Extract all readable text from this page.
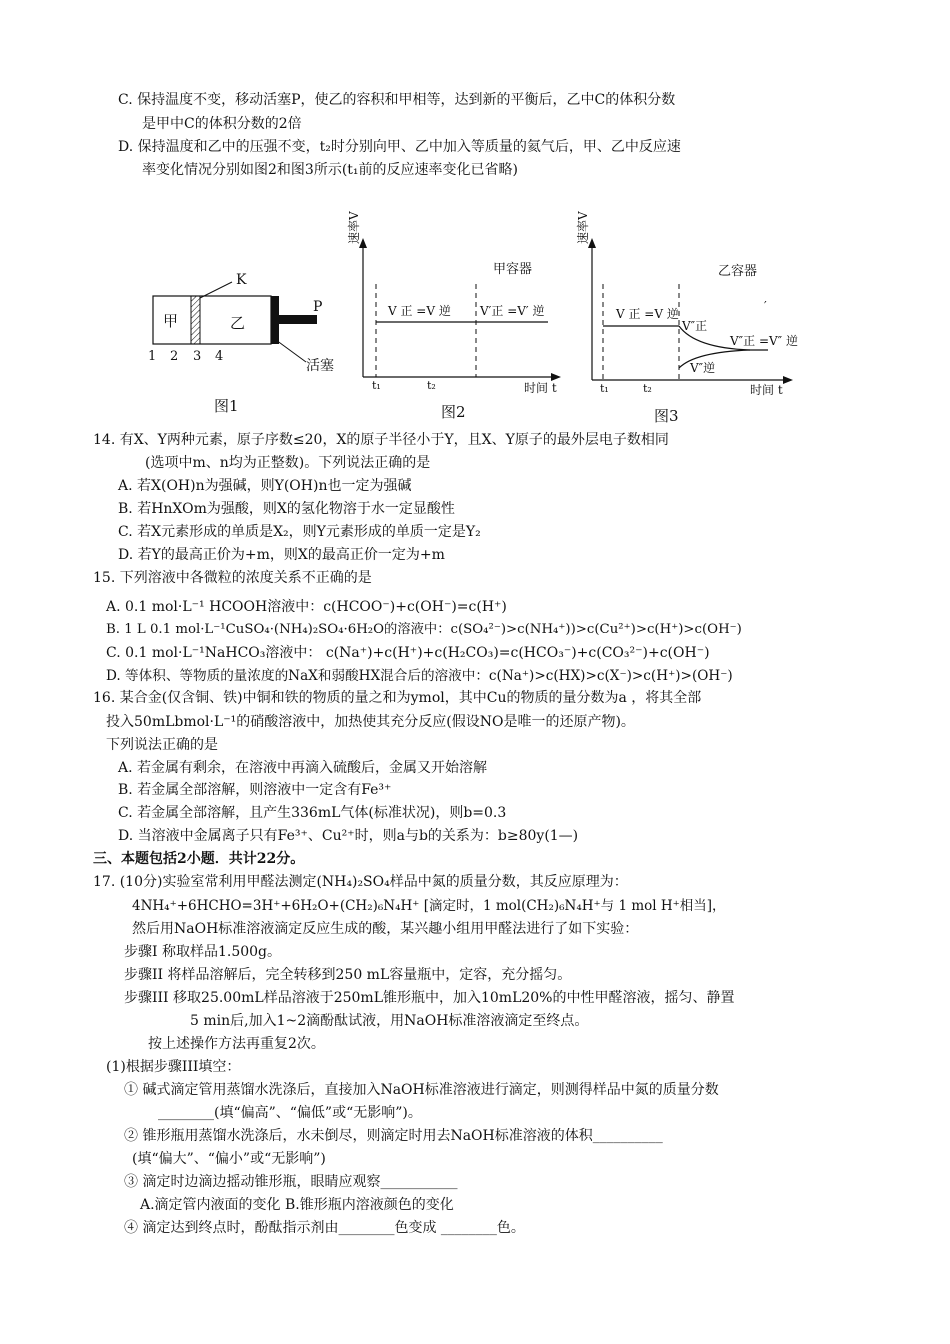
C. 保持温度不变，移动活塞P，使乙的容积和甲相等，达到新的平衡后，乙中C的体积分数
是甲中C的体积分数的2倍
D. 保持温度和乙中的压强不变，t₂时分别向甲、乙中加入等质量的氦气后，甲、乙中反应速
率变化情况分别如图2和图3所示(t₁前的反应速率变化已省略)
甲	乙
K
P
活塞
1 2 3 4
图1
速率V
甲容器
V 正 =V 逆 V′正 =V′ 逆
t₁	t₂	时间 t
图2
速率V
乙容器
V 正 =V 逆
V″正
V″逆
V″正 =V″ 逆
′
t₁	t₂	时间 t
图3
14. 有X、Y两种元素，原子序数≤20，X的原子半径小于Y，且X、Y原子的最外层电子数相同
(选项中m、n均为正整数)。下列说法正确的是
A. 若X(OH)n为强碱，则Y(OH)n也一定为强碱
B. 若HnXOm为强酸，则X的氢化物溶于水一定显酸性
C. 若X元素形成的单质是X₂，则Y元素形成的单质一定是Y₂
D. 若Y的最高正价为+m，则X的最高正价一定为+m
15. 下列溶液中各微粒的浓度关系不正确的是
A. 0.1 mol·L⁻¹ HCOOH溶液中：c(HCOO⁻)+c(OH⁻)=c(H⁺)
B. 1 L 0.1 mol·L⁻¹CuSO₄·(NH₄)₂SO₄·6H₂O的溶液中：c(SO₄²⁻)>c(NH₄⁺))>c(Cu²⁺)>c(H⁺)>c(OH⁻)
C. 0.1 mol·L⁻¹NaHCO₃溶液中： c(Na⁺)+c(H⁺)+c(H₂CO₃)=c(HCO₃⁻)+c(CO₃²⁻)+c(OH⁻)
D. 等体积、等物质的量浓度的NaX和弱酸HX混合后的溶液中：c(Na⁺)>c(HX)>c(X⁻)>c(H⁺)>(OH⁻)
16. 某合金(仅含铜、铁)中铜和铁的物质的量之和为ymol，其中Cu的物质的量分数为a ，将其全部
投入50mLbmol·L⁻¹的硝酸溶液中，加热使其充分反应(假设NO是唯一的还原产物)。
下列说法正确的是
A. 若金属有剩余，在溶液中再滴入硫酸后，金属又开始溶解
B. 若金属全部溶解，则溶液中一定含有Fe³⁺
C. 若金属全部溶解，且产生336mL气体(标准状况)，则b=0.3
D. 当溶液中金属离子只有Fe³⁺、Cu²⁺时，则a与b的关系为：b≥80y(1—)
三、本题包括2小题．共计22分。
17. (10分)实验室常利用甲醛法测定(NH₄)₂SO₄样品中氮的质量分数，其反应原理为：
4NH₄⁺+6HCHO=3H⁺+6H₂O+(CH₂)₆N₄H⁺ [滴定时，1 mol(CH₂)₆N₄H⁺与 1 mol H⁺相当]，
然后用NaOH标准溶液滴定反应生成的酸，某兴趣小组用甲醛法进行了如下实验：
步骤I 称取样品1.500g。
步骤II 将样品溶解后，完全转移到250 mL容量瓶中，定容，充分摇匀。
步骤III 移取25.00mL样品溶液于250mL锥形瓶中，加入10mL20%的中性甲醛溶液，摇匀、静置
5 min后,加入1~2滴酚酞试液，用NaOH标准溶液滴定至终点。
按上述操作方法再重复2次。
(1)根据步骤III填空：
① 碱式滴定管用蒸馏水洗涤后，直接加入NaOH标准溶液进行滴定，则测得样品中氮的质量分数
________(填“偏高”、“偏低”或“无影响”)。
② 锥形瓶用蒸馏水洗涤后，水未倒尽，则滴定时用去NaOH标准溶液的体积__________
(填“偏大”、“偏小”或“无影响”)
③ 滴定时边滴边摇动锥形瓶，眼睛应观察___________
A.滴定管内液面的变化 B.锥形瓶内溶液颜色的变化
④ 滴定达到终点时，酚酞指示剂由________色变成 ________色。
